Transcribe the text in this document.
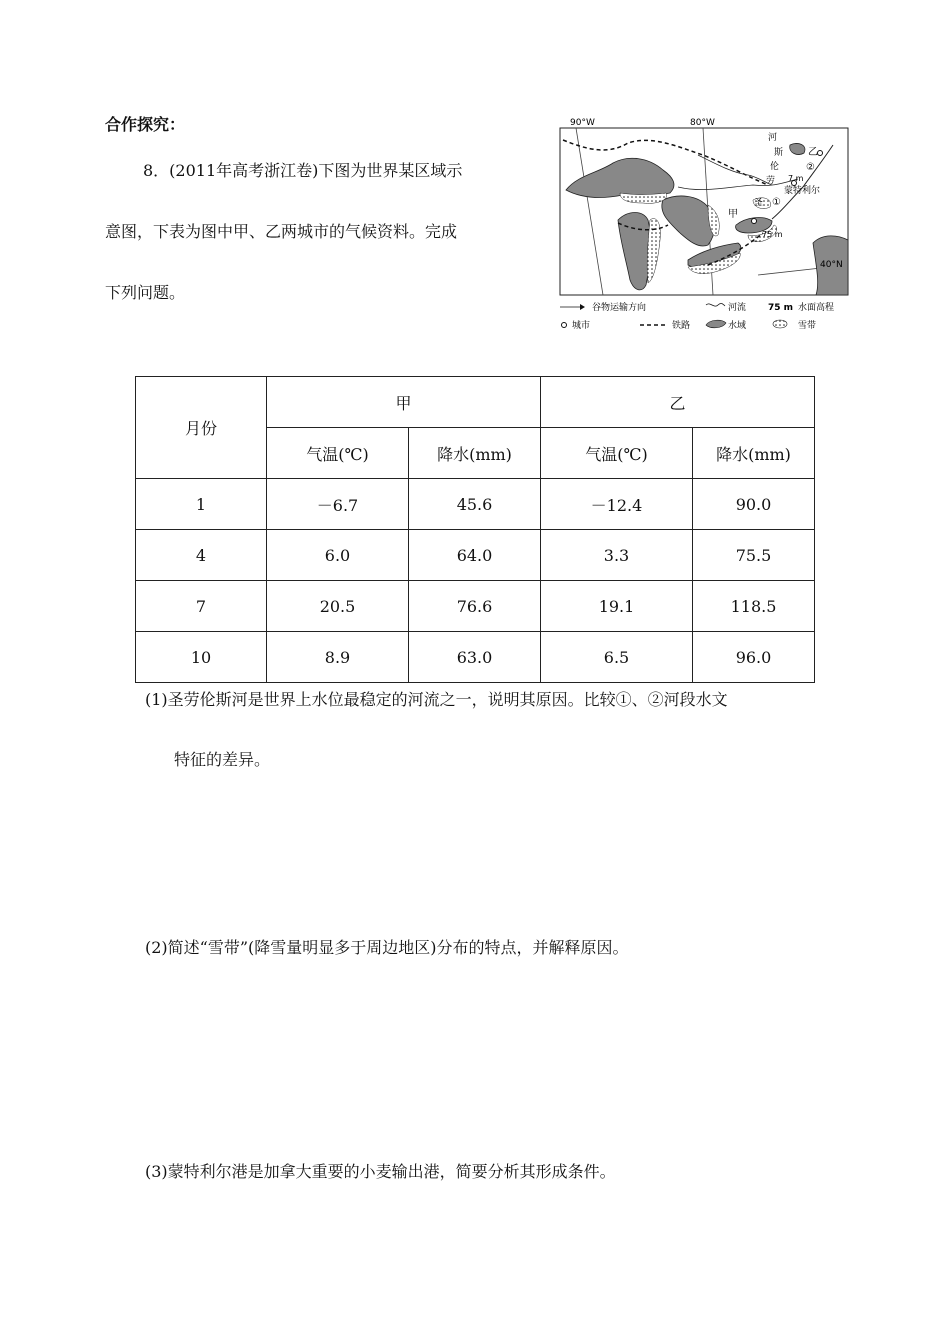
合作探究：
8．(2011年高考浙江卷)下图为世界某区域示
意图，下表为图中甲、乙两城市的气候资料。完成
下列问题。
90°W	80°W
40°N
河
斯
伦
劳
圣
乙
②
7 m
蒙特利尔
①
甲
75 m
谷物运输方向	河流 75 m 水面高程
城市	铁路	水域	雪带
月份	甲		乙	
	气温(℃)	降水(mm)	气温(℃)	降水(mm)
1	－6.7	45.6	－12.4	90.0
4	6.0	64.0	3.3	75.5
7	20.5	76.6	19.1	118.5
10	8.9	63.0	6.5	96.0
(1)圣劳伦斯河是世界上水位最稳定的河流之一，说明其原因。比较①、②河段水文
特征的差异。
(2)简述“雪带”(降雪量明显多于周边地区)分布的特点，并解释原因。
(3)蒙特利尔港是加拿大重要的小麦输出港，简要分析其形成条件。
